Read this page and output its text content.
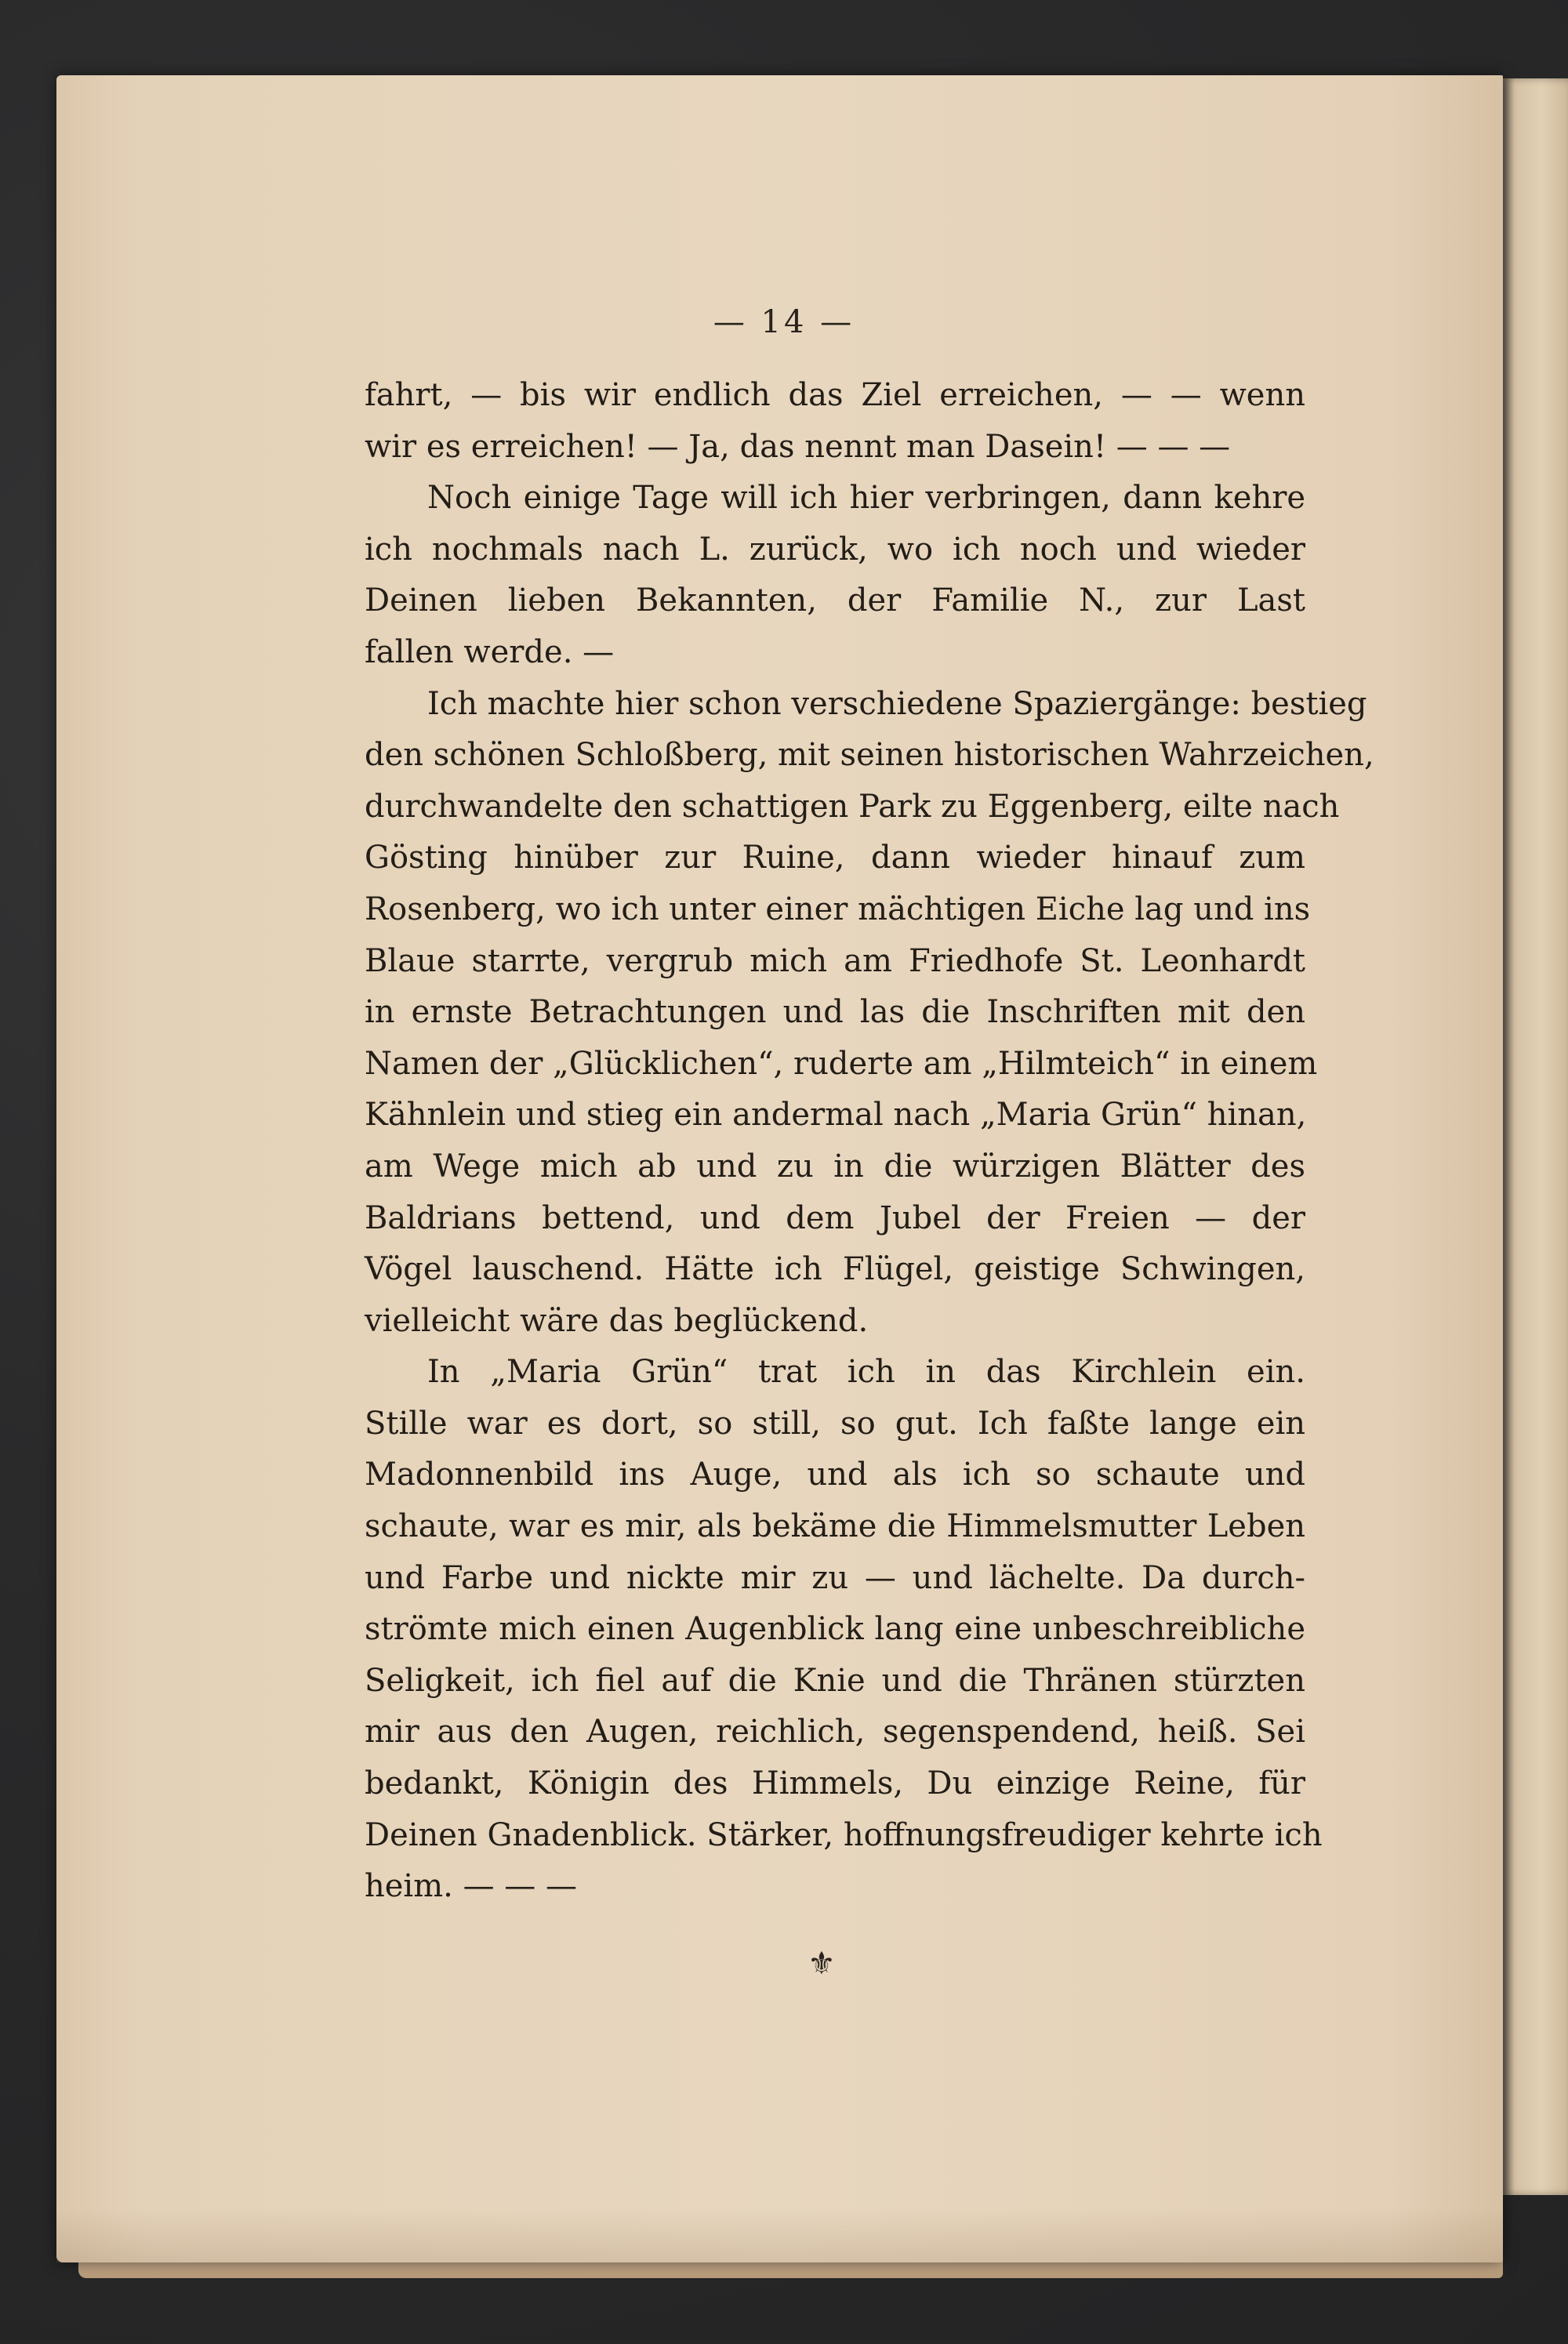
— 14 —
fahrt, — bis wir endlich das Ziel erreichen, — — wenn
wir es erreichen! — Ja, das nennt man Dasein! — — —
Noch einige Tage will ich hier verbringen, dann kehre
ich nochmals nach L. zurück, wo ich noch und wieder
Deinen lieben Bekannten, der Familie N., zur Last
fallen werde. —
Ich machte hier schon verschiedene Spaziergänge: bestieg
den schönen Schloßberg, mit seinen historischen Wahrzeichen,
durchwandelte den schattigen Park zu Eggenberg, eilte nach
Gösting hinüber zur Ruine, dann wieder hinauf zum
Rosenberg, wo ich unter einer mächtigen Eiche lag und ins
Blaue starrte, vergrub mich am Friedhofe St. Leonhardt
in ernste Betrachtungen und las die Inschriften mit den
Namen der „Glücklichen“, ruderte am „Hilmteich“ in einem
Kähnlein und stieg ein andermal nach „Maria Grün“ hinan,
am Wege mich ab und zu in die würzigen Blätter des
Baldrians bettend, und dem Jubel der Freien — der
Vögel lauschend. Hätte ich Flügel, geistige Schwingen,
vielleicht wäre das beglückend.
In „Maria Grün“ trat ich in das Kirchlein ein.
Stille war es dort, so still, so gut. Ich faßte lange ein
Madonnenbild ins Auge, und als ich so schaute und
schaute, war es mir, als bekäme die Himmelsmutter Leben
und Farbe und nickte mir zu — und lächelte. Da durch-
strömte mich einen Augenblick lang eine unbeschreibliche
Seligkeit, ich fiel auf die Knie und die Thränen stürzten
mir aus den Augen, reichlich, segenspendend, heiß. Sei
bedankt, Königin des Himmels, Du einzige Reine, für
Deinen Gnadenblick. Stärker, hoffnungsfreudiger kehrte ich
heim. — — —
⚜
